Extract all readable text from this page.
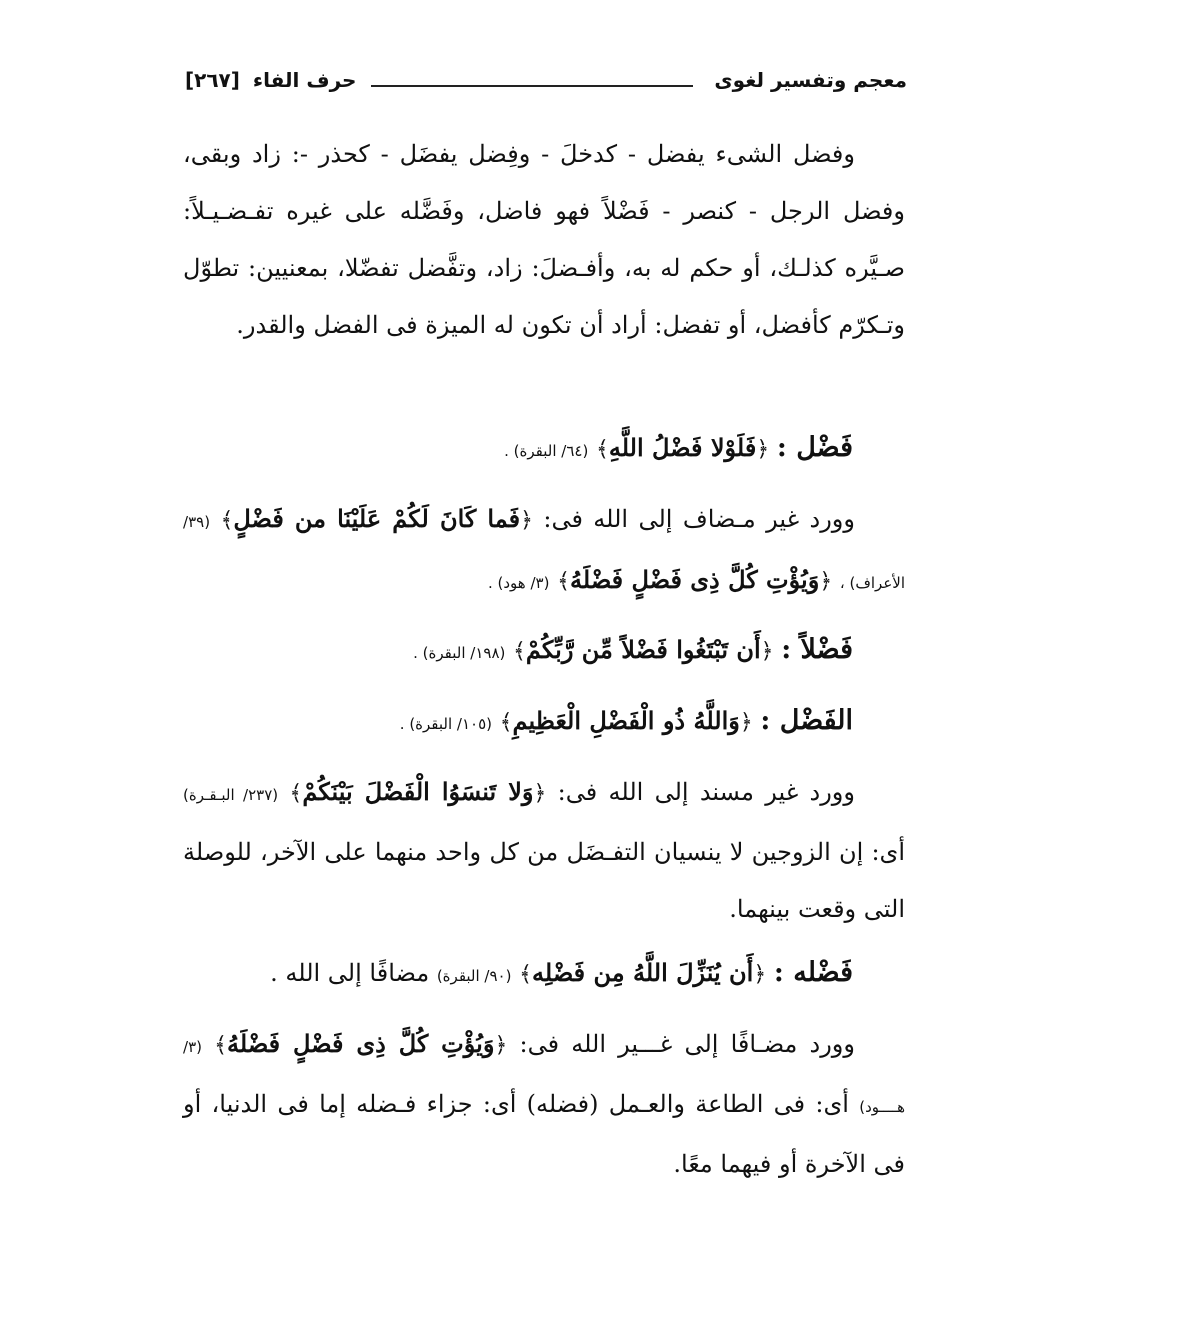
معجم وتفسير لغوى
حرف الفاء [٢٦٧]

وفضل الشىء يفضل - كدخلَ - وفِضل يفضَل - كحذر -: زاد وبقى، وفضل الرجل - كنصر - فَضْلاً فهو فاضل، وفَضَّله على غيره تفـضـيـلاً: صـيَّره كذلـك، أو حكم له به، وأفـضلَ: زاد، وتفَّضل تفضّلا، بمعنيين: تطوّل وتـكرّم كأفضل، أو تفضل: أراد أن تكون له الميزة فى الفضل والقدر.

فَضْل : ﴿فَلَوْلا فَضْلُ اللَّهِ﴾ (٦٤/ البقرة) .

وورد غير مـضاف إلى الله فى: ﴿فَما كَانَ لَكُمْ عَلَيْنَا من فَضْلٍ﴾ (٣٩/ الأعراف) ، ﴿وَيُؤْتِ كُلَّ ذِى فَضْلٍ فَضْلَهُ﴾ (٣/ هود) .

فَضْلاً : ﴿أَن تَبْتَغُوا فَضْلاً مِّن رَّبِّكُمْ﴾ (١٩٨/ البقرة) .
الفَضْل : ﴿وَاللَّهُ ذُو الْفَضْلِ الْعَظِيمِ﴾ (١٠٥/ البقرة) .

وورد غير مسند إلى الله فى: ﴿وَلا تَنسَوُا الْفَضْلَ بَيْنَكُمْ﴾ (٢٣٧/ البـقـرة) أى: إن الزوجين لا ينسيان التفـضَل من كل واحد منهما على الآخر، للوصلة التى وقعت بينهما.

فَضْله : ﴿أَن يُنَزِّلَ اللَّهُ مِن فَضْلِه﴾ (٩٠/ البقرة) مضافًا إلى الله .

وورد مضـافًا إلى غـــير الله فى: ﴿وَيُؤْتِ كُلَّ ذِى فَضْلٍ فَضْلَهُ﴾ (٣/ هــــود) أى: فى الطاعة والعـمل (فضله) أى: جزاء فـضله إما فى الدنيا، أو فى الآخرة أو فيهما معًا.
